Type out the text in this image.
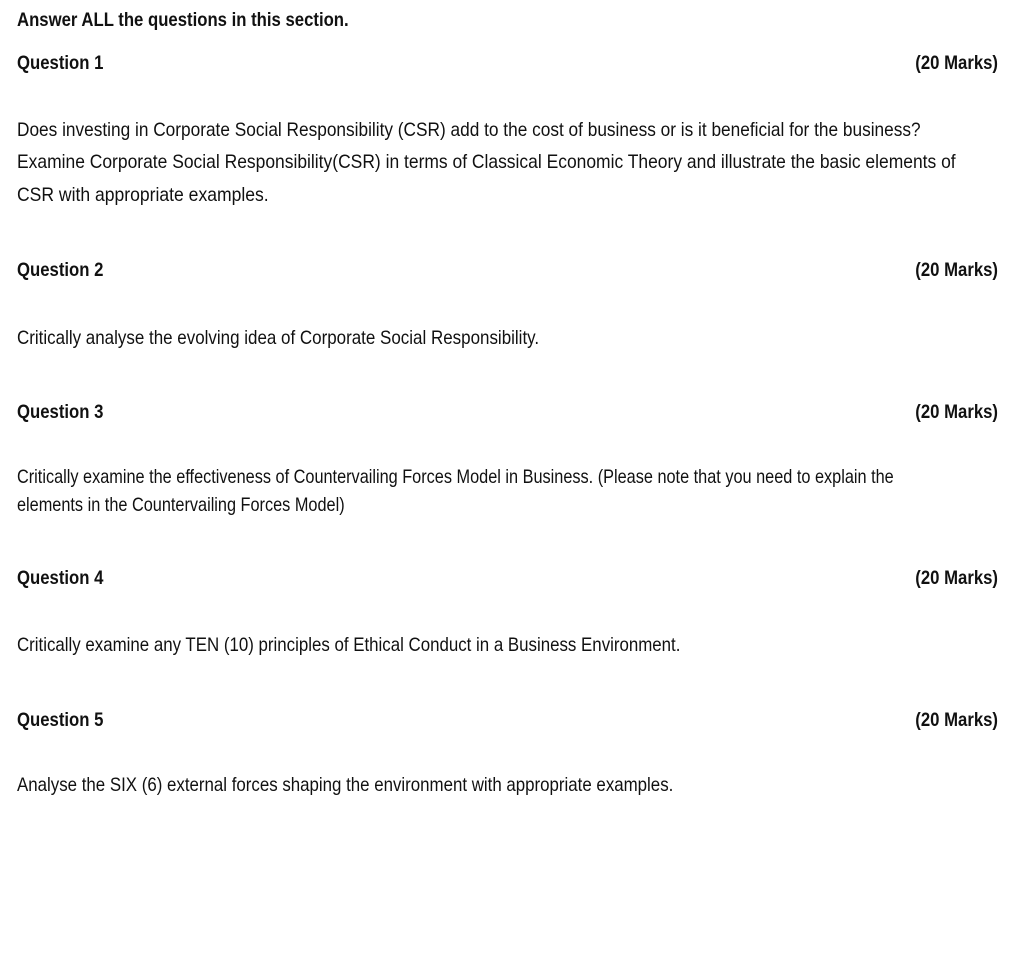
Answer ALL the questions in this section.
Question 1	(20 Marks)
Does investing in Corporate Social Responsibility (CSR) add to the cost of business or is it beneficial for the business?
Examine Corporate Social Responsibility(CSR) in terms of Classical Economic Theory and illustrate the basic elements of
CSR with appropriate examples.
Question 2	(20 Marks)
Critically analyse the evolving idea of Corporate Social Responsibility.
Question 3	(20 Marks)
Critically examine the effectiveness of Countervailing Forces Model in Business. (Please note that you need to explain the
elements in the Countervailing Forces Model)
Question 4	(20 Marks)
Critically examine any TEN (10) principles of Ethical Conduct in a Business Environment.
Question 5	(20 Marks)
Analyse the SIX (6) external forces shaping the environment with appropriate examples.
